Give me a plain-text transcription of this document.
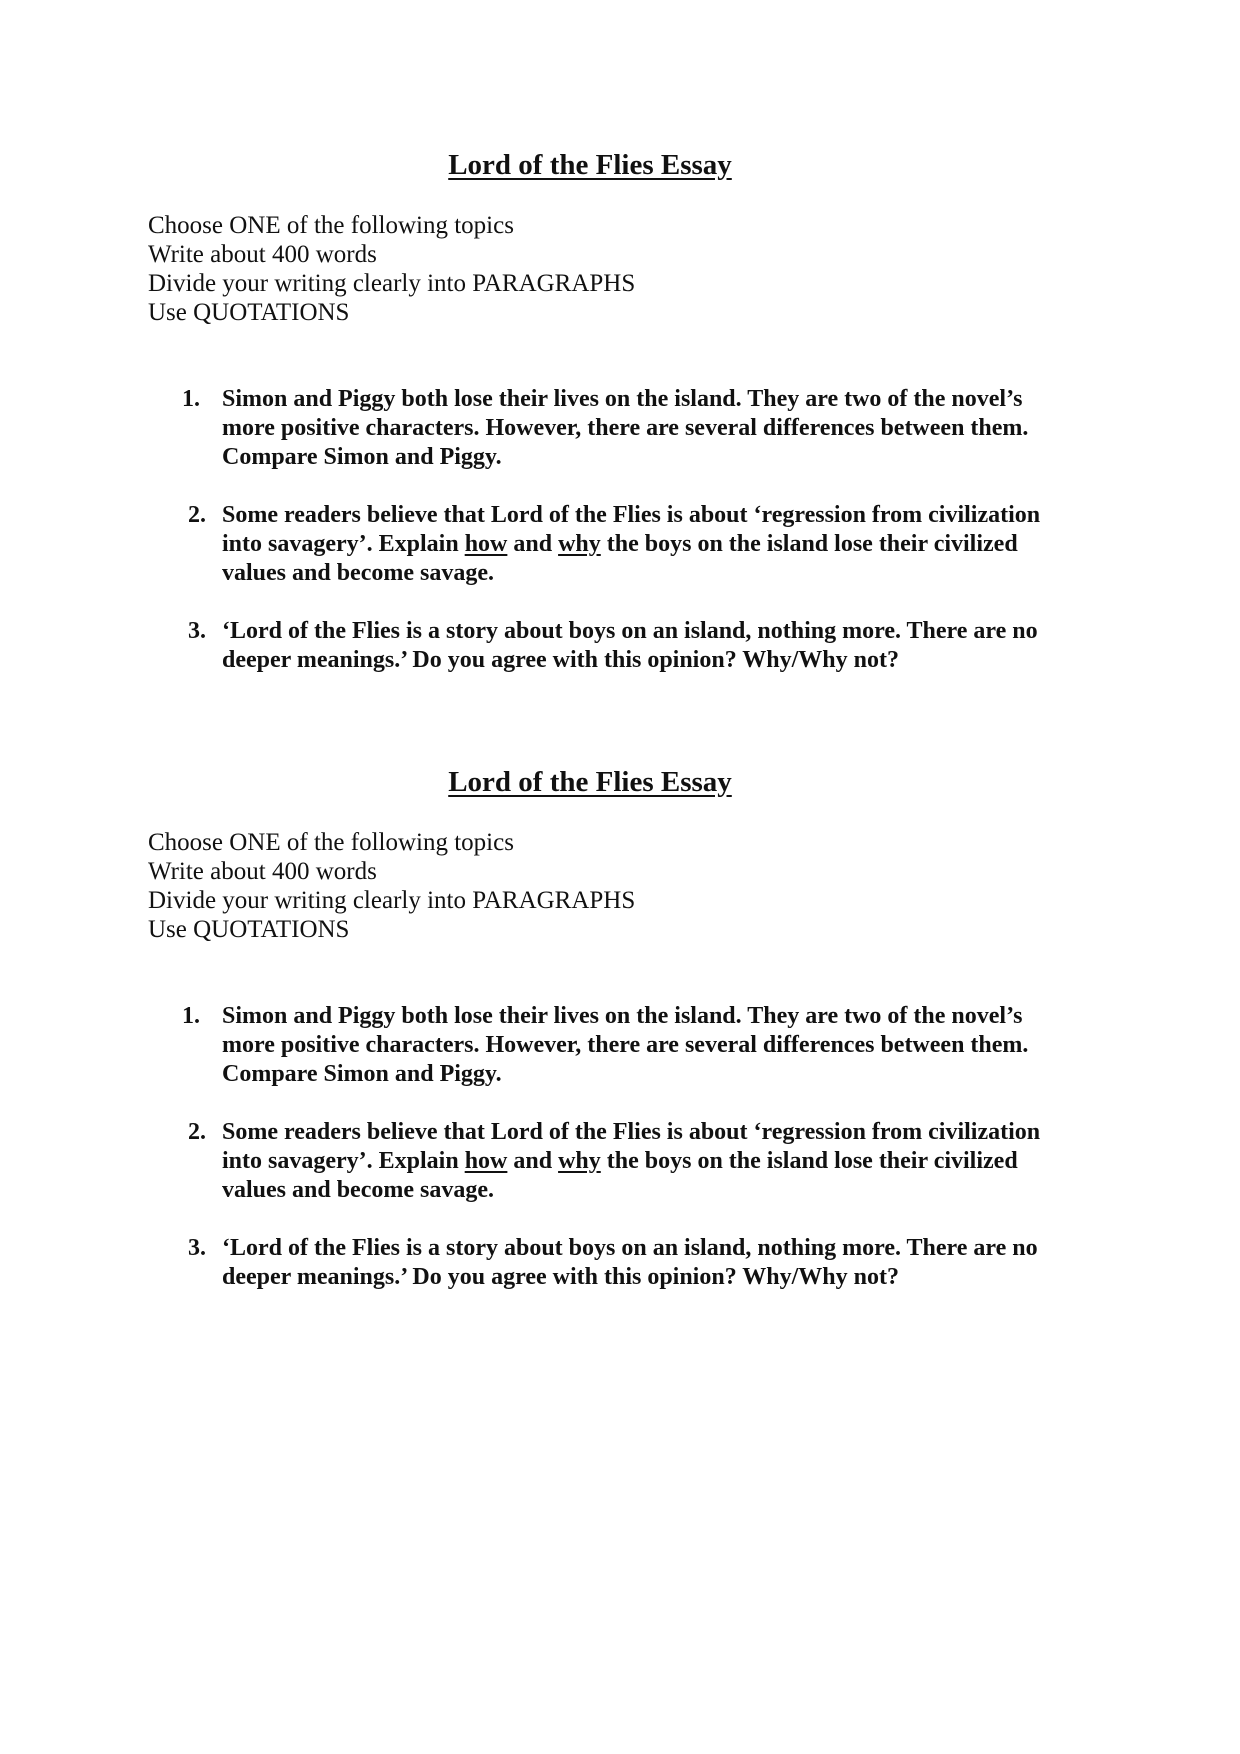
Lord of the Flies Essay
Choose ONE of the following topics
Write about 400 words
Divide your writing clearly into PARAGRAPHS
Use QUOTATIONS
1. Simon and Piggy both lose their lives on the island. They are two of the novel’s
more positive characters. However, there are several differences between them.
Compare Simon and Piggy.
2. Some readers believe that Lord of the Flies is about ‘regression from civilization
into savagery’. Explain how and why the boys on the island lose their civilized
values and become savage.
3. ‘Lord of the Flies is a story about boys on an island, nothing more. There are no
deeper meanings.’ Do you agree with this opinion? Why/Why not?
Lord of the Flies Essay
Choose ONE of the following topics
Write about 400 words
Divide your writing clearly into PARAGRAPHS
Use QUOTATIONS
1. Simon and Piggy both lose their lives on the island. They are two of the novel’s
more positive characters. However, there are several differences between them.
Compare Simon and Piggy.
2. Some readers believe that Lord of the Flies is about ‘regression from civilization
into savagery’. Explain how and why the boys on the island lose their civilized
values and become savage.
3. ‘Lord of the Flies is a story about boys on an island, nothing more. There are no
deeper meanings.’ Do you agree with this opinion? Why/Why not?
